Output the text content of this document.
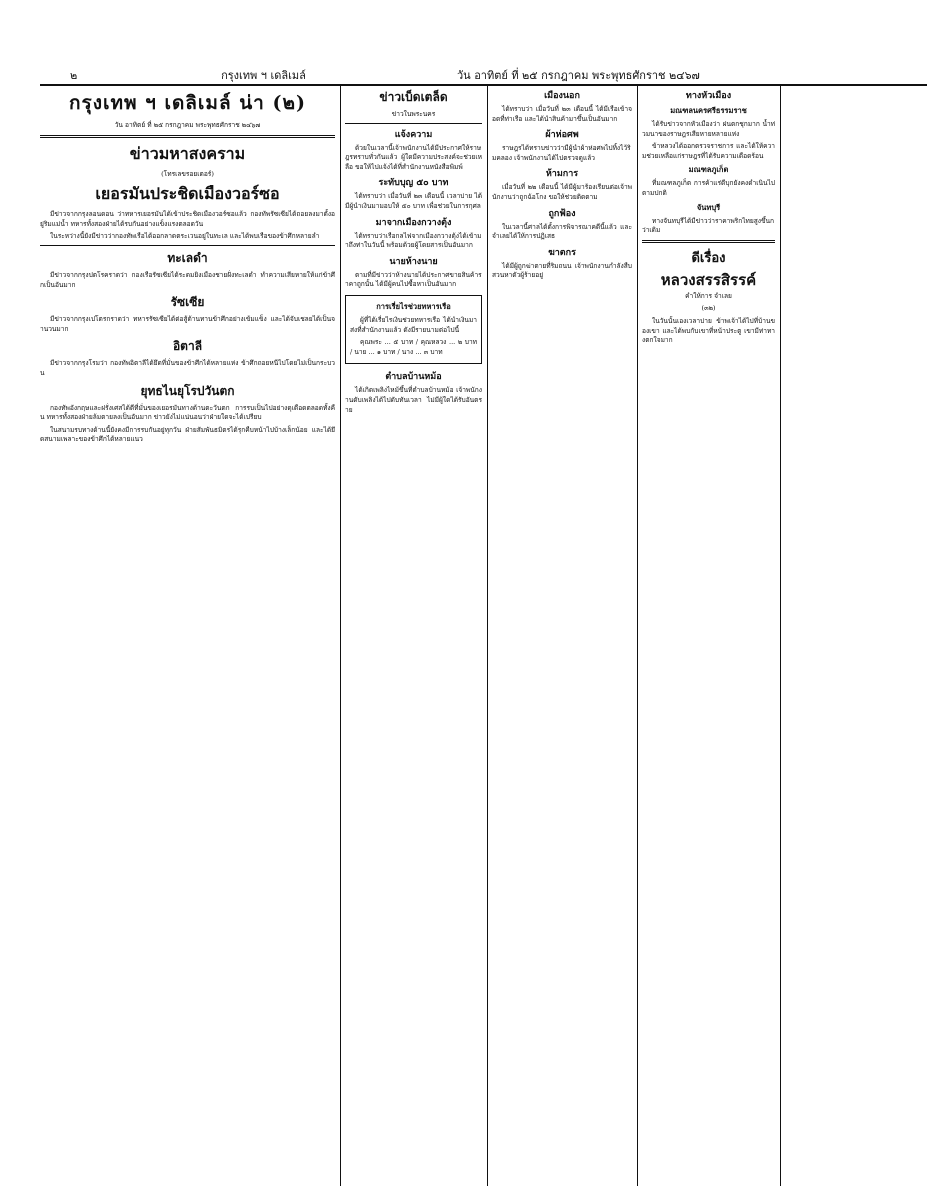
๒	กรุงเทพ ฯ เดลิเมล์	วัน อาทิตย์ ที่ ๒๕ กรกฎาคม พระพุทธศักราช ๒๔๖๗
กรุงเทพ ฯ เดลิเมล์ น่า (๒)
วัน อาทิตย์ ที่ ๒๕ กรกฎาคม พระพุทธศักราช ๒๔๖๗
ข่าวมหาสงคราม
(โทรเลขรอยเตอร์)
เยอรมันประชิดเมืองวอร์ซอ

มีข่าวจากกรุงลอนดอน ว่าทหารเยอรมันได้เข้าประชิดเมืองวอร์ซอแล้ว กองทัพรัซเซียได้ถอยลงมาตั้งอยู่ริมแม่น้ำ ทหารทั้งสองฝ่ายได้รบกันอย่างแข็งแรงตลอดวัน

ในระหว่างนี้ยังมีข่าวว่ากองทัพเรือได้ออกลาดตระเวนอยู่ในทะเล และได้พบเรือของข้าศึกหลายลำ

ทะเลดำ

มีข่าวจากกรุงปตโรคราดว่า กองเรือรัซเซียได้ระดมยิงเมืองชายฝั่งทะเลดำ ทำความเสียหายให้แก่ข้าศึกเป็นอันมาก

รัซเซีย

มีข่าวจากกรุงเปโตรกราดว่า ทหารรัซเซียได้ต่อสู้ต้านทานข้าศึกอย่างเข้มแข็ง และได้จับเชลยได้เป็นจำนวนมาก

อิตาลี

มีข่าวจากกรุงโรมว่า กองทัพอิตาลีได้ยึดที่มั่นของข้าศึกได้หลายแห่ง ข้าศึกถอยหนีไปโดยไม่เป็นกระบวน

ยุทธไนยุโรปวันตก

กองทัพอังกฤษและฝรั่งเศสได้ตีที่มั่นของเยอรมันทางด้านตะวันตก การรบเป็นไปอย่างดุเดือดตลอดทั้งคืน ทหารทั้งสองฝ่ายล้มตายลงเป็นอันมาก ข่าวยังไม่แน่นอนว่าฝ่ายใดจะได้เปรียบ

ในสนามรบทางด้านนี้ยังคงมีการรบกันอยู่ทุกวัน ฝ่ายสัมพันธมิตรได้รุกคืบหน้าไปบ้างเล็กน้อย และได้ยึดสนามเพลาะของข้าศึกได้หลายแนว

ข่าวเบ็ดเตล็ด
ข่าวในพระนคร
แจ้งความ

ด้วยในเวลานี้เจ้าพนักงานได้มีประกาศให้ราษฎรทราบทั่วกันแล้ว ผู้ใดมีความประสงค์จะช่วยเหลือ ขอให้ไปแจ้งได้ที่สำนักงานหนังสือพิมพ์

ระทับบุญ ๕๐ บาท

ได้ทราบว่า เมื่อวันที่ ๒๓ เดือนนี้ เวลาบ่าย ได้มีผู้นำเงินมามอบให้ ๕๐ บาท เพื่อช่วยในการกุศล

มาจากเมืองกวางตุ้ง

ได้ทราบว่าเรือกลไฟจากเมืองกวางตุ้งได้เข้ามาถึงท่าในวันนี้ พร้อมด้วยผู้โดยสารเป็นอันมาก

นายห้างนาย

ตามที่มีข่าวว่าห้างนายได้ประกาศขายสินค้าราคาถูกนั้น ได้มีผู้คนไปซื้อหาเป็นอันมาก

การเรี่ยไรช่วยทหารเรือ

ผู้ที่ได้เรี่ยไรเงินช่วยทหารเรือ ได้นำเงินมาส่งที่สำนักงานแล้ว ดังมีรายนามต่อไปนี้

คุณพระ ... ๕ บาท / คุณหลวง ... ๒ บาท / นาย ... ๑ บาท / นาง ... ๓ บาท

ตำบลบ้านหม้อ

ได้เกิดเพลิงไหม้ขึ้นที่ตำบลบ้านหม้อ เจ้าพนักงานดับเพลิงได้ไปดับทันเวลา ไม่มีผู้ใดได้รับอันตราย

เมืองนอก

ได้ทราบว่า เมื่อวันที่ ๒๓ เดือนนี้ ได้มีเรือเข้าจอดที่ท่าเรือ และได้นำสินค้ามาขึ้นเป็นอันมาก

ผ้าห่อศพ

ราษฎรได้ทราบข่าวว่ามีผู้นำผ้าห่อศพไปทิ้งไว้ริมคลอง เจ้าพนักงานได้ไปตรวจดูแล้ว

ห้ามการ

เมื่อวันที่ ๒๒ เดือนนี้ ได้มีผู้มาร้องเรียนต่อเจ้าพนักงานว่าถูกฉ้อโกง ขอให้ช่วยติดตาม

ถูกฟ้อง

ในเวลานี้ศาลได้ตั้งการพิจารณาคดีนี้แล้ว และจำเลยได้ให้การปฏิเสธ

ฆาตกร

ได้มีผู้ถูกฆ่าตายที่ริมถนน เจ้าพนักงานกำลังสืบสวนหาตัวผู้ร้ายอยู่

ทางหัวเมือง
มณฑลนครศรีธรรมราช

ได้รับข่าวจากหัวเมืองว่า ฝนตกชุกมาก น้ำท่วมนาของราษฎรเสียหายหลายแห่ง

ข้าหลวงได้ออกตรวจราชการ และได้ให้ความช่วยเหลือแก่ราษฎรที่ได้รับความเดือดร้อน

มณฑลภูเก็ต

ที่มณฑลภูเก็ต การค้าแร่ดีบุกยังคงดำเนินไปตามปกติ

จันทบุรี

ทางจันทบุรีได้มีข่าวว่าราคาพริกไทยสูงขึ้นกว่าเดิม

ดีเรื่อง
หลวงสรรสิรรค์
คำให้การ จำเลย
(๓๒)

ในวันนั้นเองเวลาบ่าย ข้าพเจ้าได้ไปที่บ้านของเขา และได้พบกับเขาที่หน้าประตู เขามีท่าทางตกใจมาก
